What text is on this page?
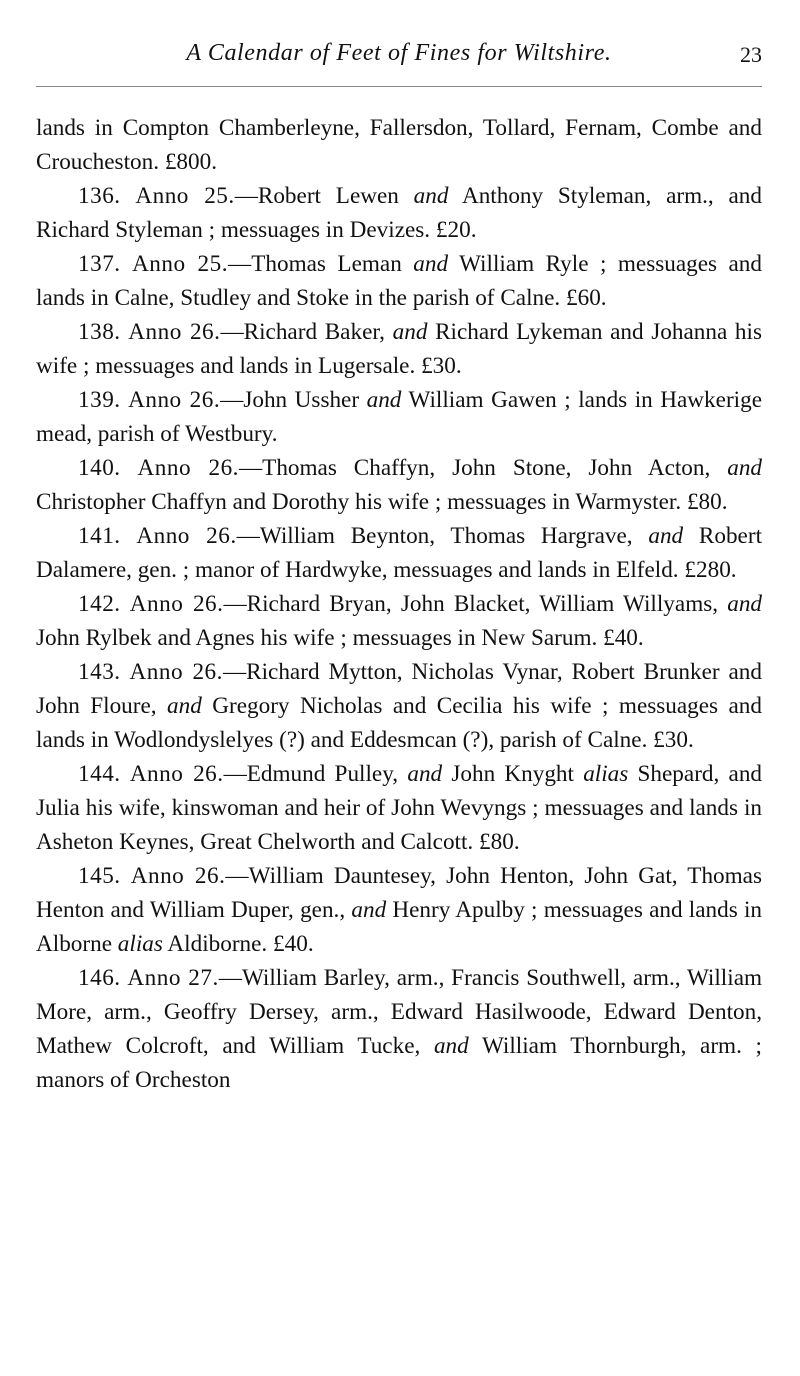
A Calendar of Feet of Fines for Wiltshire.	23

lands in Compton Chamberleyne, Fallersdon, Tollard, Fernam, Combe and Croucheston. £800.

136. Anno 25.—Robert Lewen and Anthony Styleman, arm., and Richard Styleman ; messuages in Devizes. £20.

137. Anno 25.—Thomas Leman and William Ryle ; messuages and lands in Calne, Studley and Stoke in the parish of Calne. £60.

138. Anno 26.—Richard Baker, and Richard Lykeman and Johanna his wife ; messuages and lands in Lugersale. £30.

139. Anno 26.—John Ussher and William Gawen ; lands in Hawkerige mead, parish of Westbury.

140. Anno 26.—Thomas Chaffyn, John Stone, John Acton, and Christopher Chaffyn and Dorothy his wife ; messuages in Warmyster. £80.

141. Anno 26.—William Beynton, Thomas Hargrave, and Robert Dalamere, gen. ; manor of Hardwyke, messuages and lands in Elfeld. £280.

142. Anno 26.—Richard Bryan, John Blacket, William Willyams, and John Rylbek and Agnes his wife ; messuages in New Sarum. £40.

143. Anno 26.—Richard Mytton, Nicholas Vynar, Robert Brunker and John Floure, and Gregory Nicholas and Cecilia his wife ; messuages and lands in Wodlondyslelyes (?) and Eddesmcan (?), parish of Calne. £30.

144. Anno 26.—Edmund Pulley, and John Knyght alias Shepard, and Julia his wife, kinswoman and heir of John Wevyngs ; messuages and lands in Asheton Keynes, Great Chelworth and Calcott. £80.

145. Anno 26.—William Dauntesey, John Henton, John Gat, Thomas Henton and William Duper, gen., and Henry Apulby ; messuages and lands in Alborne alias Aldiborne. £40.

146. Anno 27.—William Barley, arm., Francis Southwell, arm., William More, arm., Geoffry Dersey, arm., Edward Hasilwoode, Edward Denton, Mathew Colcroft, and William Tucke, and William Thornburgh, arm. ; manors of Orcheston
